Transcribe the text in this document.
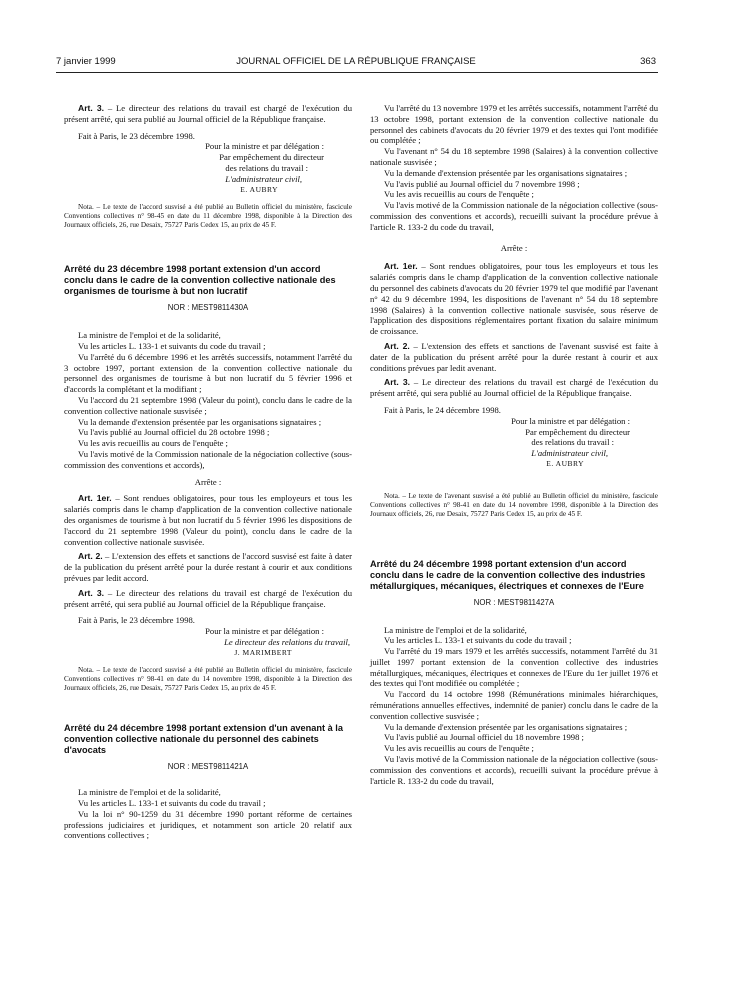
7 janvier 1999	JOURNAL OFFICIEL DE LA RÉPUBLIQUE FRANÇAISE	363

Art. 3. – Le directeur des relations du travail est chargé de l'exécution du présent arrêté, qui sera publié au Journal officiel de la République française.

Fait à Paris, le 23 décembre 1998.

Pour la ministre et par délégation :

Par empêchement du directeur

des relations du travail :

L'administrateur civil,

E. AUBRY

Nota. – Le texte de l'accord susvisé a été publié au Bulletin officiel du ministère, fascicule Conventions collectives n° 98-45 en date du 11 décembre 1998, disponible à la Direction des Journaux officiels, 26, rue Desaix, 75727 Paris Cedex 15, au prix de 45 F.

Arrêté du 23 décembre 1998 portant extension d'un accord conclu dans le cadre de la convention collective nationale des organismes de tourisme à but non lucratif

NOR : MEST9811430A

La ministre de l'emploi et de la solidarité,

Vu les articles L. 133-1 et suivants du code du travail ;

Vu l'arrêté du 6 décembre 1996 et les arrêtés successifs, notamment l'arrêté du 3 octobre 1997, portant extension de la convention collective nationale du personnel des organismes de tourisme à but non lucratif du 5 février 1996 et d'accords la complétant et la modifiant ;

Vu l'accord du 21 septembre 1998 (Valeur du point), conclu dans le cadre de la convention collective nationale susvisée ;

Vu la demande d'extension présentée par les organisations signataires ;

Vu l'avis publié au Journal officiel du 28 octobre 1998 ;

Vu les avis recueillis au cours de l'enquête ;

Vu l'avis motivé de la Commission nationale de la négociation collective (sous-commission des conventions et accords),

Arrête :

Art. 1er. – Sont rendues obligatoires, pour tous les employeurs et tous les salariés compris dans le champ d'application de la convention collective nationale des organismes de tourisme à but non lucratif du 5 février 1996 les dispositions de l'accord du 21 septembre 1998 (Valeur du point), conclu dans le cadre de la convention collective nationale susvisée.

Art. 2. – L'extension des effets et sanctions de l'accord susvisé est faite à dater de la publication du présent arrêté pour la durée restant à courir et aux conditions prévues par ledit accord.

Art. 3. – Le directeur des relations du travail est chargé de l'exécution du présent arrêté, qui sera publié au Journal officiel de la République française.

Fait à Paris, le 23 décembre 1998.

Pour la ministre et par délégation :

Le directeur des relations du travail,

J. MARIMBERT

Nota. – Le texte de l'accord susvisé a été publié au Bulletin officiel du ministère, fascicule Conventions collectives n° 98-41 en date du 14 novembre 1998, disponible à la Direction des Journaux officiels, 26, rue Desaix, 75727 Paris Cedex 15, au prix de 45 F.

Arrêté du 24 décembre 1998 portant extension d'un avenant à la convention collective nationale du personnel des cabinets d'avocats

NOR : MEST9811421A

La ministre de l'emploi et de la solidarité,

Vu les articles L. 133-1 et suivants du code du travail ;

Vu la loi n° 90-1259 du 31 décembre 1990 portant réforme de certaines professions judiciaires et juridiques, et notamment son article 20 relatif aux conventions collectives ;

Vu l'arrêté du 13 novembre 1979 et les arrêtés successifs, notamment l'arrêté du 13 octobre 1998, portant extension de la convention collective nationale du personnel des cabinets d'avocats du 20 février 1979 et des textes qui l'ont modifiée ou complétée ;

Vu l'avenant n° 54 du 18 septembre 1998 (Salaires) à la convention collective nationale susvisée ;

Vu la demande d'extension présentée par les organisations signataires ;

Vu l'avis publié au Journal officiel du 7 novembre 1998 ;

Vu les avis recueillis au cours de l'enquête ;

Vu l'avis motivé de la Commission nationale de la négociation collective (sous-commission des conventions et accords), recueilli suivant la procédure prévue à l'article R. 133-2 du code du travail,

Arrête :

Art. 1er. – Sont rendues obligatoires, pour tous les employeurs et tous les salariés compris dans le champ d'application de la convention collective nationale du personnel des cabinets d'avocats du 20 février 1979 tel que modifié par l'avenant n° 42 du 9 décembre 1994, les dispositions de l'avenant n° 54 du 18 septembre 1998 (Salaires) à la convention collective nationale susvisée, sous réserve de l'application des dispositions réglementaires portant fixation du salaire minimum de croissance.

Art. 2. – L'extension des effets et sanctions de l'avenant susvisé est faite à dater de la publication du présent arrêté pour la durée restant à courir et aux conditions prévues par ledit avenant.

Art. 3. – Le directeur des relations du travail est chargé de l'exécution du présent arrêté, qui sera publié au Journal officiel de la République française.

Fait à Paris, le 24 décembre 1998.

Pour la ministre et par délégation :

Par empêchement du directeur

des relations du travail :

L'administrateur civil,

E. AUBRY

Nota. – Le texte de l'avenant susvisé a été publié au Bulletin officiel du ministère, fascicule Conventions collectives n° 98-41 en date du 14 novembre 1998, disponible à la Direction des Journaux officiels, 26, rue Desaix, 75727 Paris Cedex 15, au prix de 45 F.

Arrêté du 24 décembre 1998 portant extension d'un accord conclu dans le cadre de la convention collective des industries métallurgiques, mécaniques, électriques et connexes de l'Eure

NOR : MEST9811427A

La ministre de l'emploi et de la solidarité,

Vu les articles L. 133-1 et suivants du code du travail ;

Vu l'arrêté du 19 mars 1979 et les arrêtés successifs, notamment l'arrêté du 31 juillet 1997 portant extension de la convention collective des industries métallurgiques, mécaniques, électriques et connexes de l'Eure du 1er juillet 1976 et des textes qui l'ont modifiée ou complétée ;

Vu l'accord du 14 octobre 1998 (Rémunérations minimales hiérarchiques, rémunérations annuelles effectives, indemnité de panier) conclu dans le cadre de la convention collective susvisée ;

Vu la demande d'extension présentée par les organisations signataires ;

Vu l'avis publié au Journal officiel du 18 novembre 1998 ;

Vu les avis recueillis au cours de l'enquête ;

Vu l'avis motivé de la Commission nationale de la négociation collective (sous-commission des conventions et accords), recueilli suivant la procédure prévue à l'article R. 133-2 du code du travail,
